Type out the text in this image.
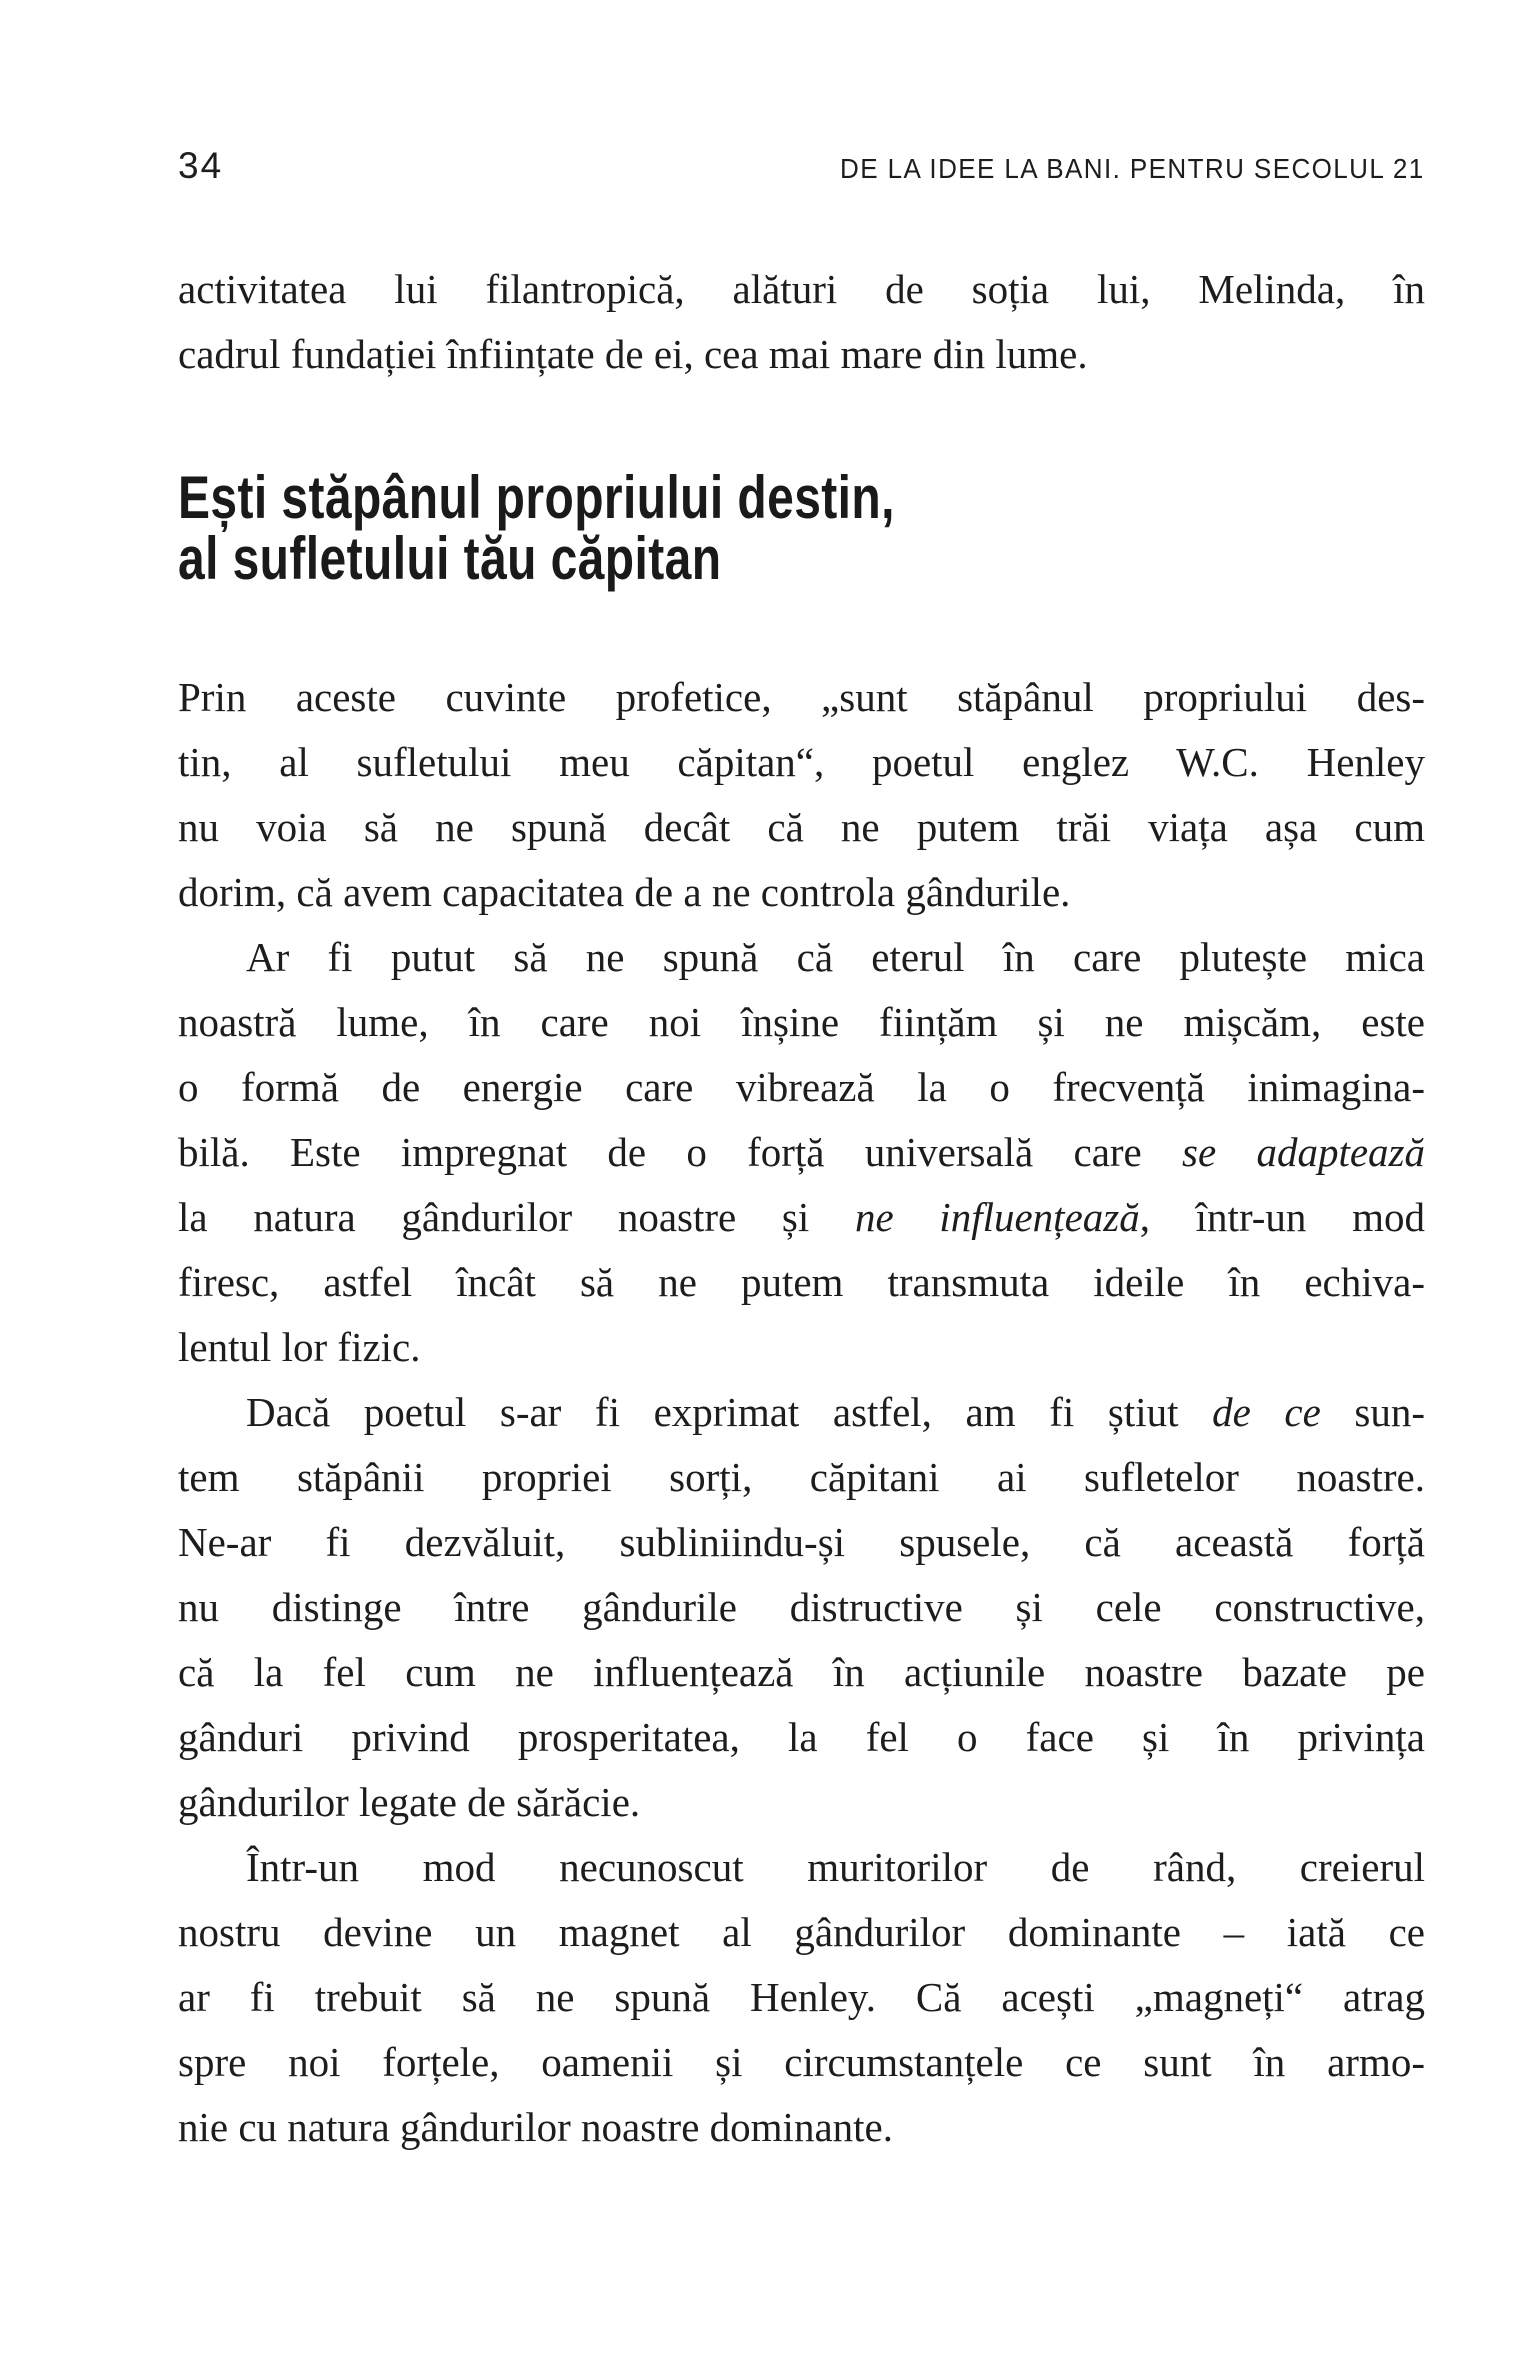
34	DE LA IDEE LA BANI. PENTRU SECOLUL 21
activitatea lui filantropică, alături de soția lui, Melinda, în
cadrul fundației înființate de ei, cea mai mare din lume.
Ești stăpânul propriului destin,
al sufletului tău căpitan
Prin aceste cuvinte profetice, „sunt stăpânul propriului des-
tin, al sufletului meu căpitan“, poetul englez W.C. Henley
nu voia să ne spună decât că ne putem trăi viața așa cum
dorim, că avem capacitatea de a ne controla gândurile.
Ar fi putut să ne spună că eterul în care plutește mica
noastră lume, în care noi înșine ființăm și ne mișcăm, este
o formă de energie care vibrează la o frecvență inimagina-
bilă. Este impregnat de o forță universală care se adaptează
la natura gândurilor noastre și ne influențează, într-un mod
firesc, astfel încât să ne putem transmuta ideile în echiva-
lentul lor fizic.
Dacă poetul s-ar fi exprimat astfel, am fi știut de ce sun-
tem stăpânii propriei sorți, căpitani ai sufletelor noastre.
Ne-ar fi dezvăluit, subliniindu-și spusele, că această forță
nu distinge între gândurile distructive și cele constructive,
că la fel cum ne influențează în acțiunile noastre bazate pe
gânduri privind prosperitatea, la fel o face și în privința
gândurilor legate de sărăcie.
Într-un mod necunoscut muritorilor de rând, creierul
nostru devine un magnet al gândurilor dominante – iată ce
ar fi trebuit să ne spună Henley. Că acești „magneți“ atrag
spre noi forțele, oamenii și circumstanțele ce sunt în armo-
nie cu natura gândurilor noastre dominante.
